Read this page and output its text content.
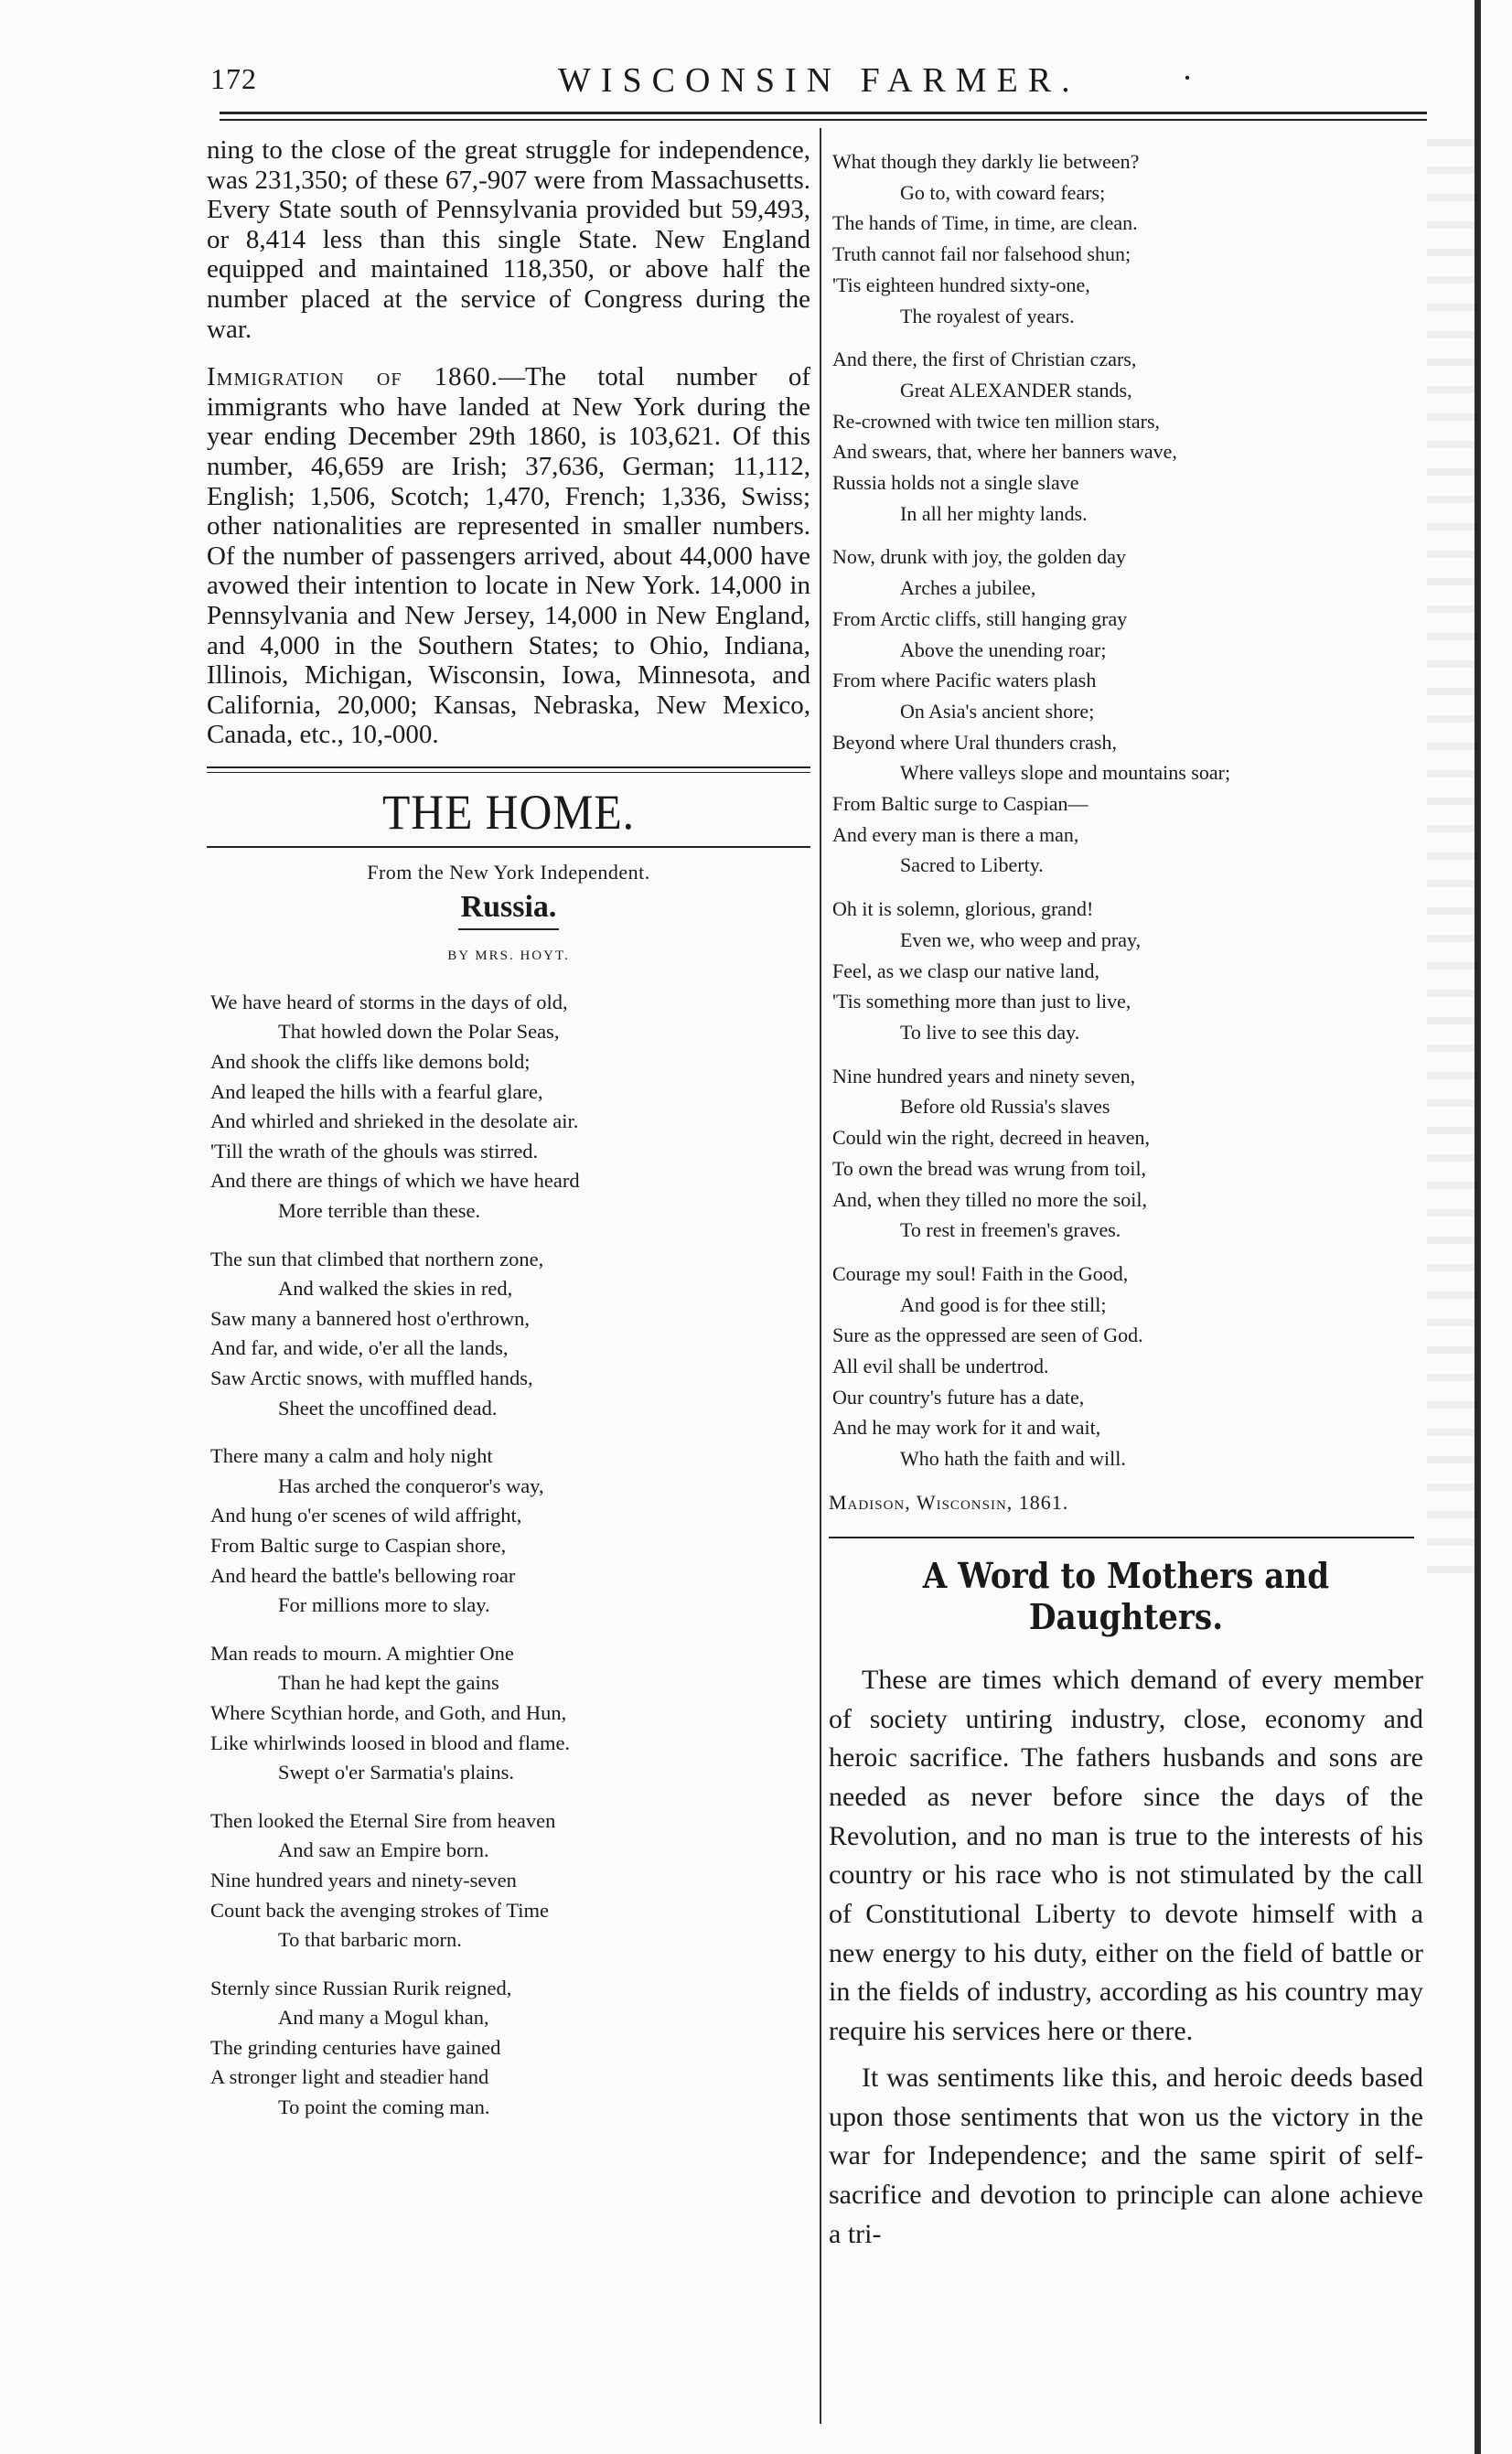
172	WISCONSIN FARMER.	·

ning to the close of the great struggle for independence, was 231,350; of these 67,-907 were from Massachusetts. Every State south of Pennsylvania provided but 59,493, or 8,414 less than this single State. New England equipped and maintained 118,350, or above half the number placed at the service of Congress during the war.

Immigration of 1860.—The total number of immigrants who have landed at New York during the year ending December 29th 1860, is 103,621. Of this number, 46,659 are Irish; 37,636, German; 11,112, English; 1,506, Scotch; 1,470, French; 1,336, Swiss; other nationalities are represented in smaller numbers. Of the number of passengers arrived, about 44,000 have avowed their intention to locate in New York. 14,000 in Pennsylvania and New Jersey, 14,000 in New England, and 4,000 in the Southern States; to Ohio, Indiana, Illinois, Michigan, Wisconsin, Iowa, Minnesota, and California, 20,000; Kansas, Nebraska, New Mexico, Canada, etc., 10,-000.

THE HOME.
From the New York Independent.
Russia.
BY MRS. HOYT.
We have heard of storms in the days of old,
That howled down the Polar Seas,
And shook the cliffs like demons bold;
And leaped the hills with a fearful glare,
And whirled and shrieked in the desolate air.
'Till the wrath of the ghouls was stirred.
And there are things of which we have heard
More terrible than these.
The sun that climbed that northern zone,
And walked the skies in red,
Saw many a bannered host o'erthrown,
And far, and wide, o'er all the lands,
Saw Arctic snows, with muffled hands,
Sheet the uncoffined dead.
There many a calm and holy night
Has arched the conqueror's way,
And hung o'er scenes of wild affright,
From Baltic surge to Caspian shore,
And heard the battle's bellowing roar
For millions more to slay.
Man reads to mourn. A mightier One
Than he had kept the gains
Where Scythian horde, and Goth, and Hun,
Like whirlwinds loosed in blood and flame.
Swept o'er Sarmatia's plains.
Then looked the Eternal Sire from heaven
And saw an Empire born.
Nine hundred years and ninety-seven
Count back the avenging strokes of Time
To that barbaric morn.
Sternly since Russian Rurik reigned,
And many a Mogul khan,
The grinding centuries have gained
A stronger light and steadier hand
To point the coming man.
What though they darkly lie between?
Go to, with coward fears;
The hands of Time, in time, are clean.
Truth cannot fail nor falsehood shun;
'Tis eighteen hundred sixty-one,
The royalest of years.
And there, the first of Christian czars,
Great ALEXANDER stands,
Re-crowned with twice ten million stars,
And swears, that, where her banners wave,
Russia holds not a single slave
In all her mighty lands.
Now, drunk with joy, the golden day
Arches a jubilee,
From Arctic cliffs, still hanging gray
Above the unending roar;
From where Pacific waters plash
On Asia's ancient shore;
Beyond where Ural thunders crash,
Where valleys slope and mountains soar;
From Baltic surge to Caspian—
And every man is there a man,
Sacred to Liberty.
Oh it is solemn, glorious, grand!
Even we, who weep and pray,
Feel, as we clasp our native land,
'Tis something more than just to live,
To live to see this day.
Nine hundred years and ninety seven,
Before old Russia's slaves
Could win the right, decreed in heaven,
To own the bread was wrung from toil,
And, when they tilled no more the soil,
To rest in freemen's graves.
Courage my soul! Faith in the Good,
And good is for thee still;
Sure as the oppressed are seen of God.
All evil shall be undertrod.
Our country's future has a date,
And he may work for it and wait,
Who hath the faith and will.
Madison, Wisconsin, 1861.
A Word to Mothers and Daughters.

These are times which demand of every member of society untiring industry, close, economy and heroic sacrifice. The fathers husbands and sons are needed as never before since the days of the Revolution, and no man is true to the interests of his country or his race who is not stimulated by the call of Constitutional Liberty to devote himself with a new energy to his duty, either on the field of battle or in the fields of industry, according as his country may require his services here or there.

It was sentiments like this, and heroic deeds based upon those sentiments that won us the victory in the war for Independence; and the same spirit of self-sacrifice and devotion to principle can alone achieve a tri-
